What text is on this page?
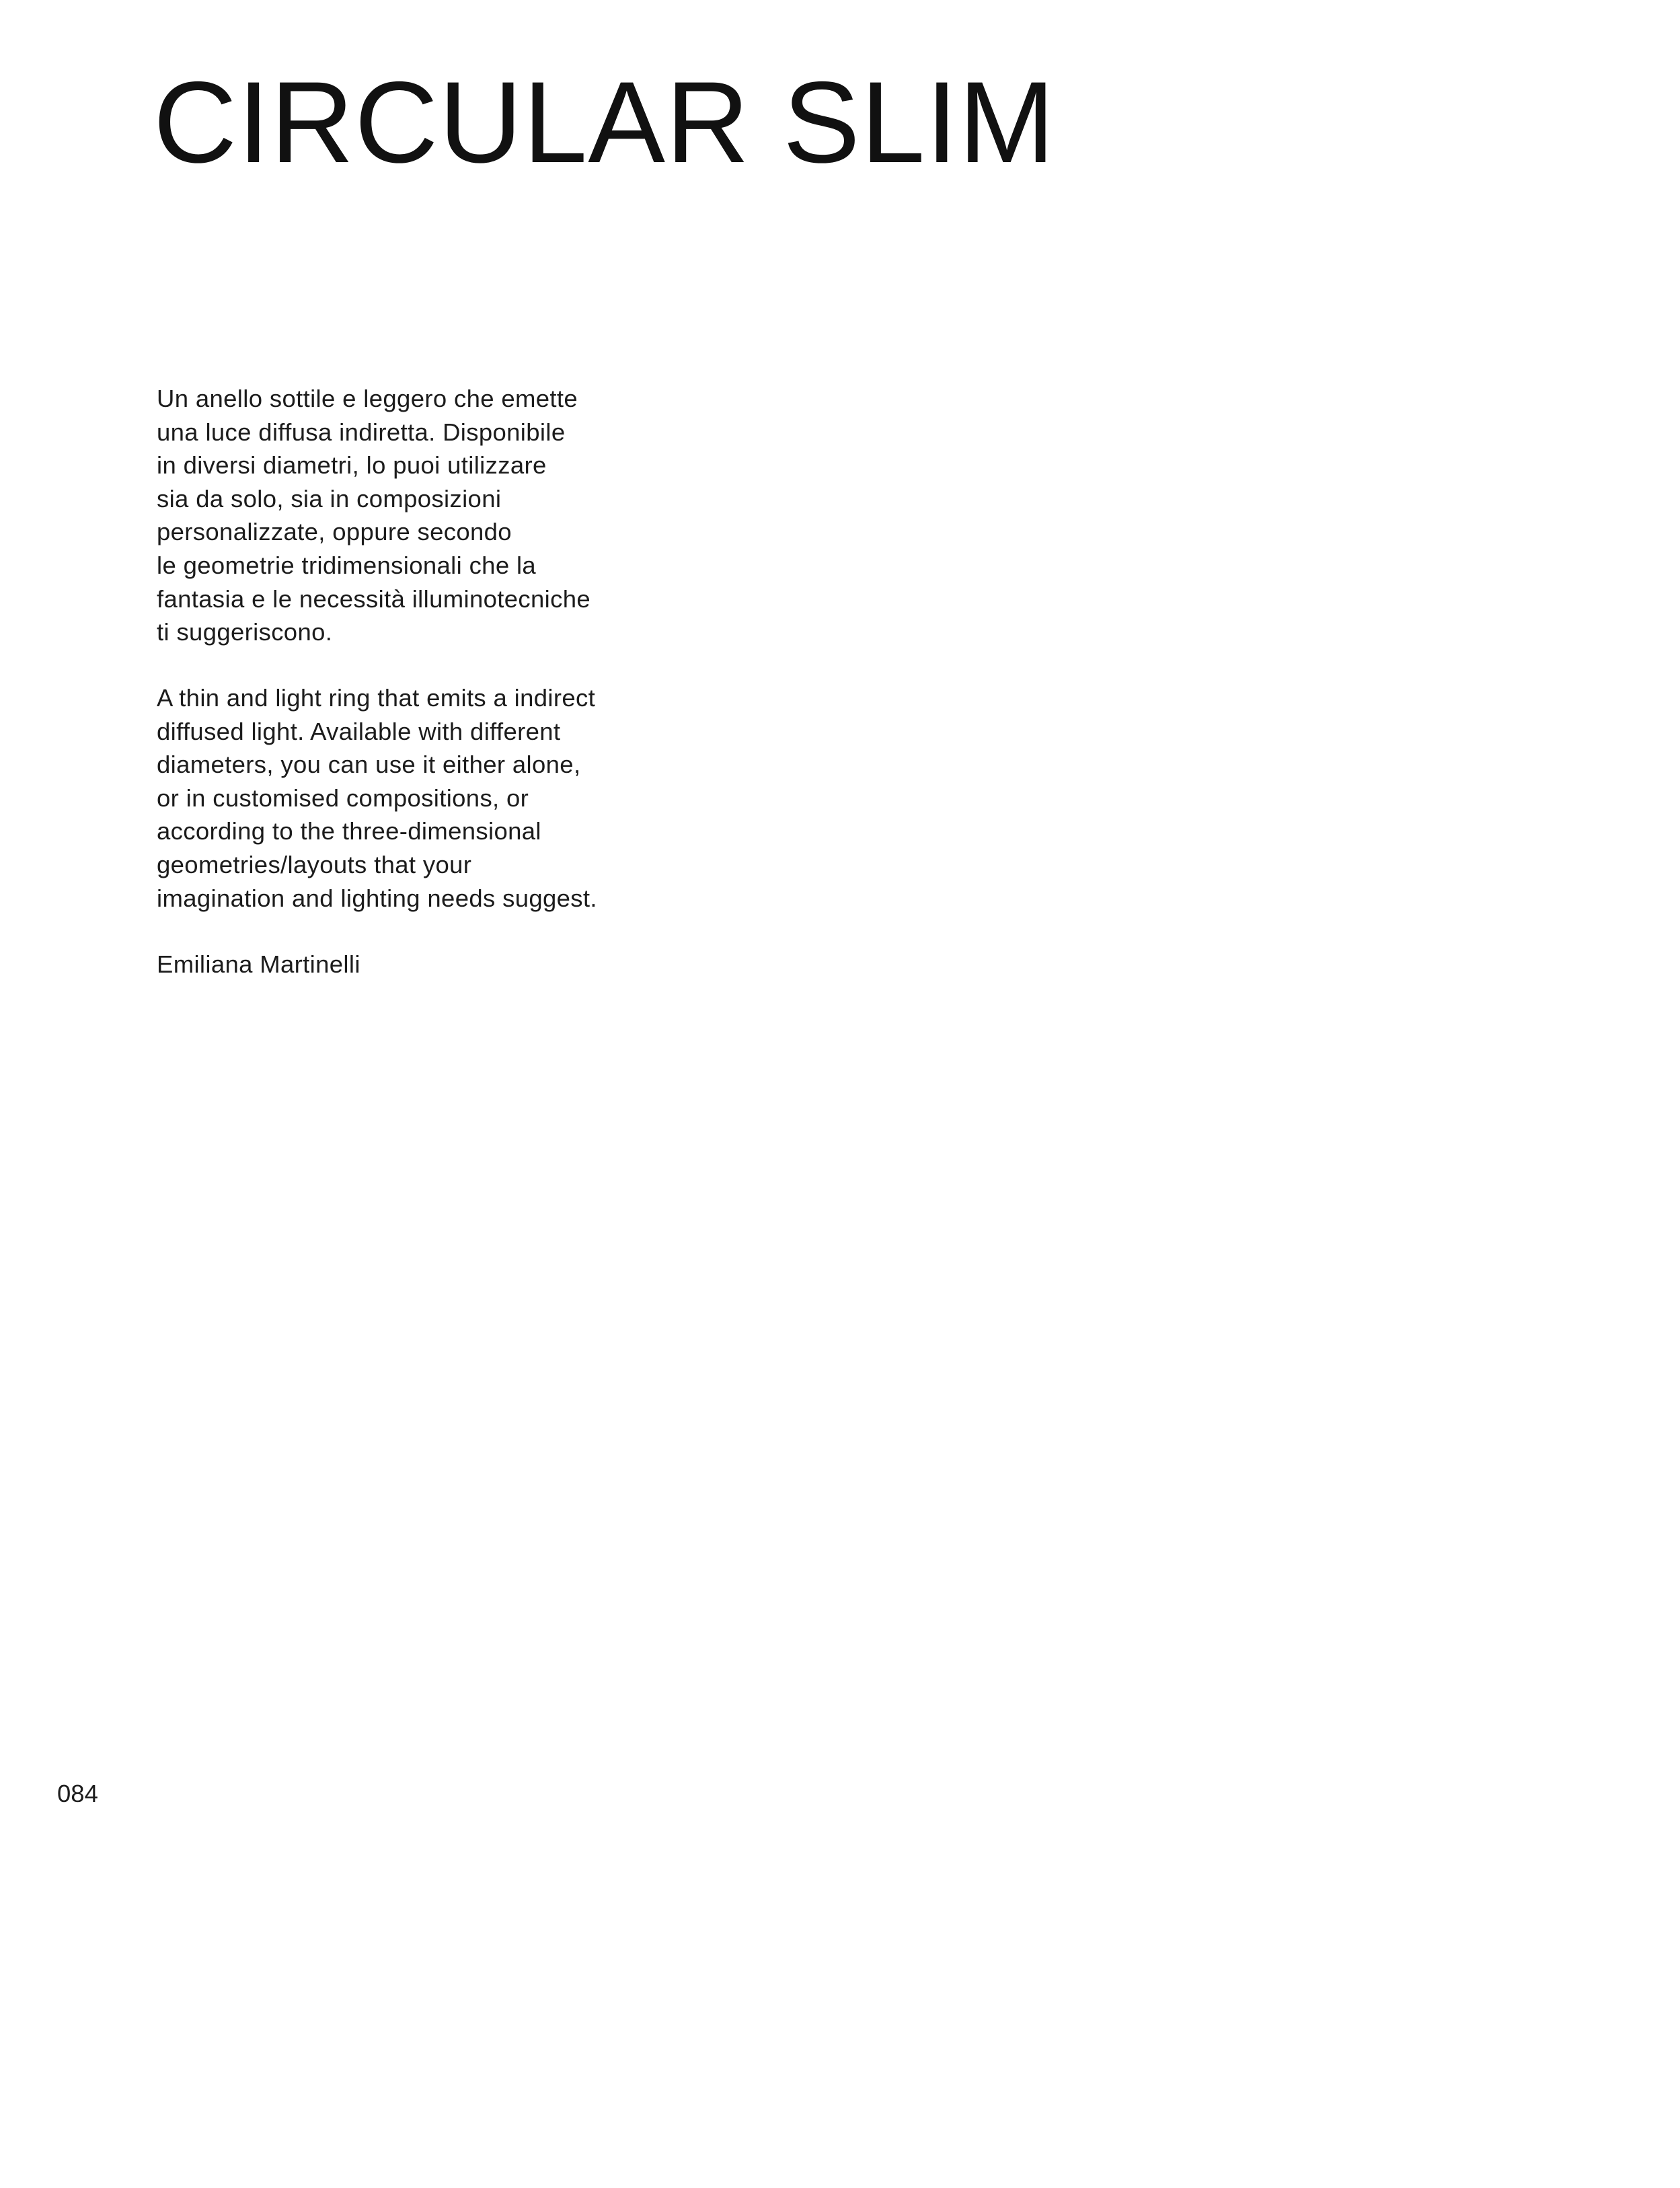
CIRCULAR SLIM
Un anello sottile e leggero che emette
una luce diffusa indiretta. Disponibile
in diversi diametri, lo puoi utilizzare
sia da solo, sia in composizioni
personalizzate, oppure secondo
le geometrie tridimensionali che la
fantasia e le necessità illuminotecniche
ti suggeriscono.
A thin and light ring that emits a indirect
diffused light. Available with different
diameters, you can use it either alone,
or in customised compositions, or
according to the three-dimensional
geometries/layouts that your
imagination and lighting needs suggest.
Emiliana Martinelli
084
